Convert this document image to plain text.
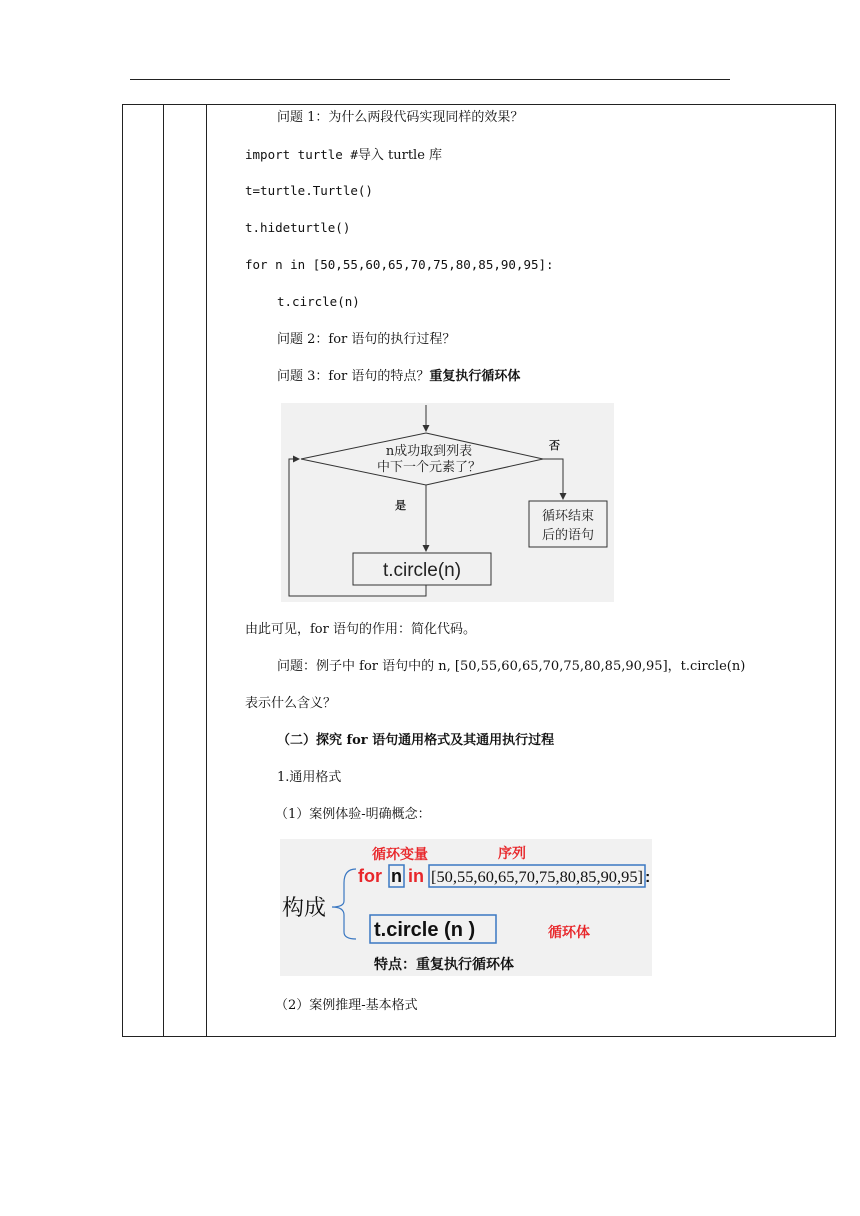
问题 1：为什么两段代码实现同样的效果？
import turtle #导入 turtle 库
t=turtle.Turtle()
t.hideturtle()
for n in [50,55,60,65,70,75,80,85,90,95]:
t.circle(n)
问题 2：for 语句的执行过程？
问题 3：for 语句的特点？重复执行循环体
n成功取到列表
中下一个元素了？
否
循环结束
后的语句
是
t.circle(n)
由此可见，for 语句的作用：简化代码。
问题：例子中 for 语句中的 n, [50,55,60,65,70,75,80,85,90,95]，t.circle(n)
表示什么含义？
（二）探究 for 语句通用格式及其通用执行过程
1.通用格式
（1）案例体验-明确概念：
循环变量	序列
构成
for n in [50,55,60,65,70,75,80,85,90,95] :
t.circle (n )	循环体
特点：重复执行循环体
（2）案例推理-基本格式
